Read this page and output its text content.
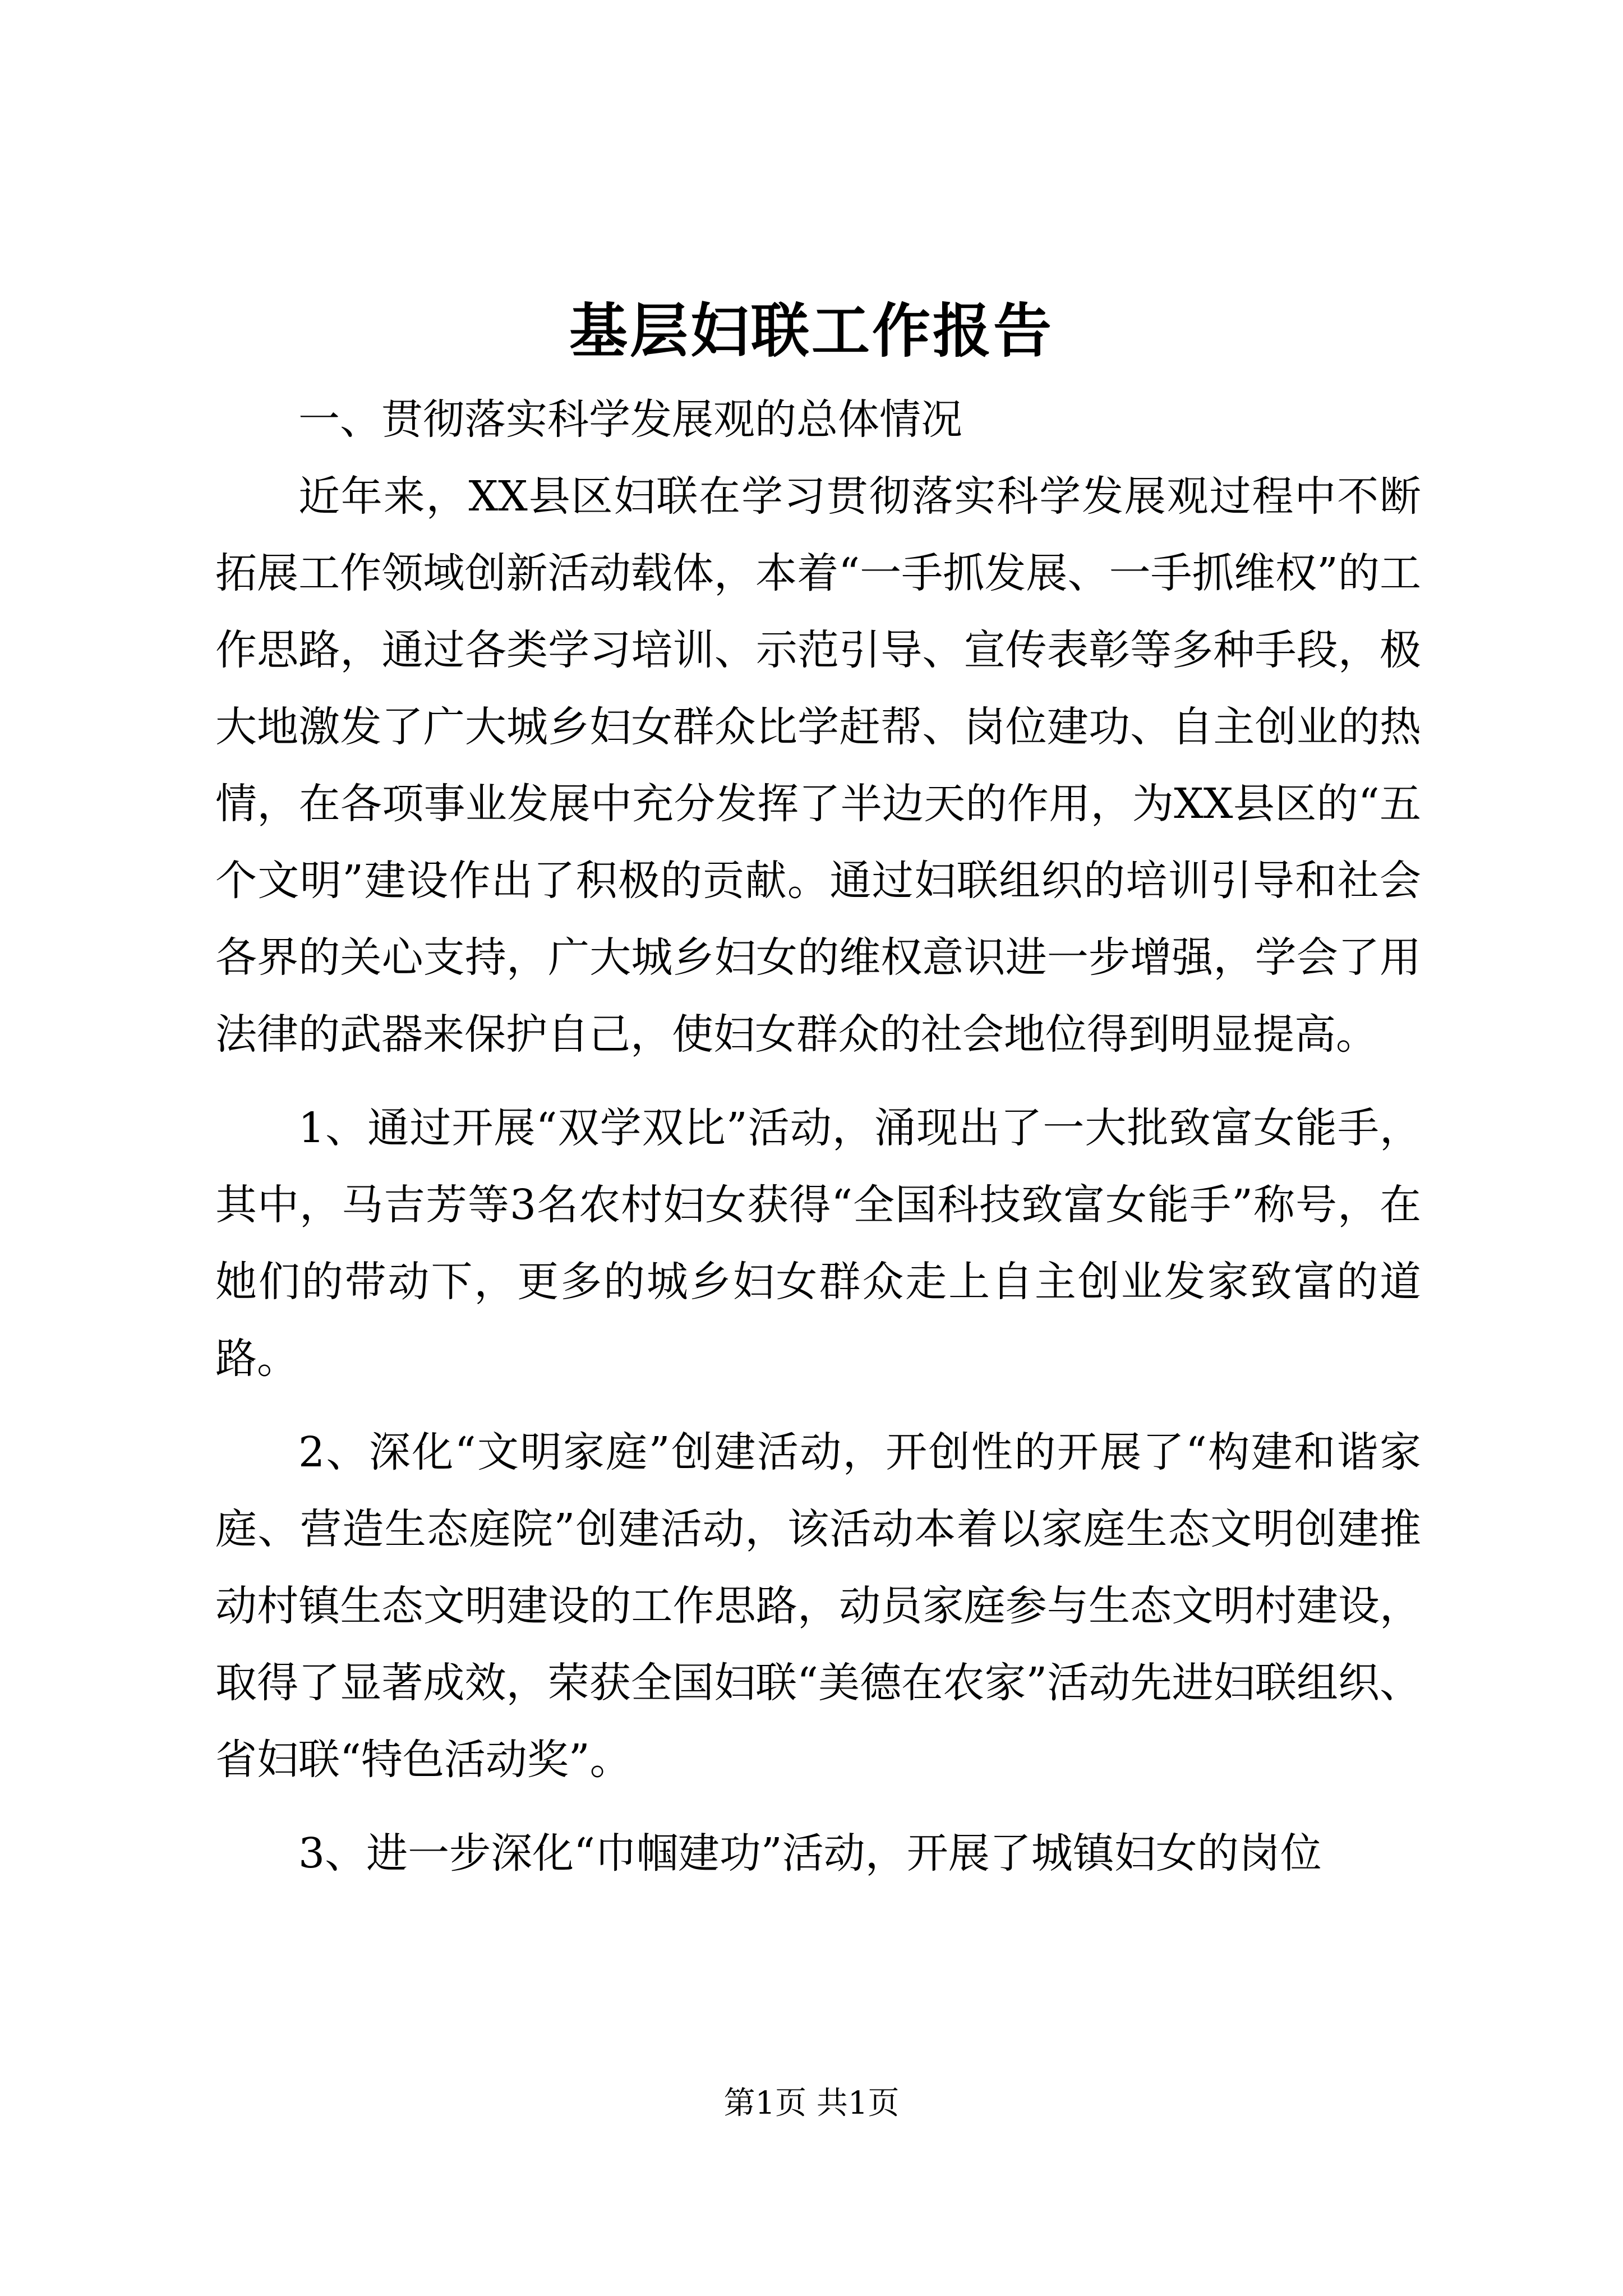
基层妇联工作报告

一、贯彻落实科学发展观的总体情况

近年来，XX县区妇联在学习贯彻落实科学发展观过程中不断拓展工作领域创新活动载体，本着“一手抓发展、一手抓维权”的工作思路，通过各类学习培训、示范引导、宣传表彰等多种手段，极大地激发了广大城乡妇女群众比学赶帮、岗位建功、自主创业的热情，在各项事业发展中充分发挥了半边天的作用，为XX县区的“五个文明”建设作出了积极的贡献。通过妇联组织的培训引导和社会各界的关心支持，广大城乡妇女的维权意识进一步增强，学会了用法律的武器来保护自己，使妇女群众的社会地位得到明显提高。

1、通过开展“双学双比”活动，涌现出了一大批致富女能手，其中，马吉芳等3名农村妇女获得“全国科技致富女能手”称号，在她们的带动下，更多的城乡妇女群众走上自主创业发家致富的道路。

2、深化“文明家庭”创建活动，开创性的开展了“构建和谐家庭、营造生态庭院”创建活动，该活动本着以家庭生态文明创建推动村镇生态文明建设的工作思路，动员家庭参与生态文明村建设，取得了显著成效，荣获全国妇联“美德在农家”活动先进妇联组织、省妇联“特色活动奖”。

3、进一步深化“巾帼建功”活动，开展了城镇妇女的岗位

第1页 共1页
